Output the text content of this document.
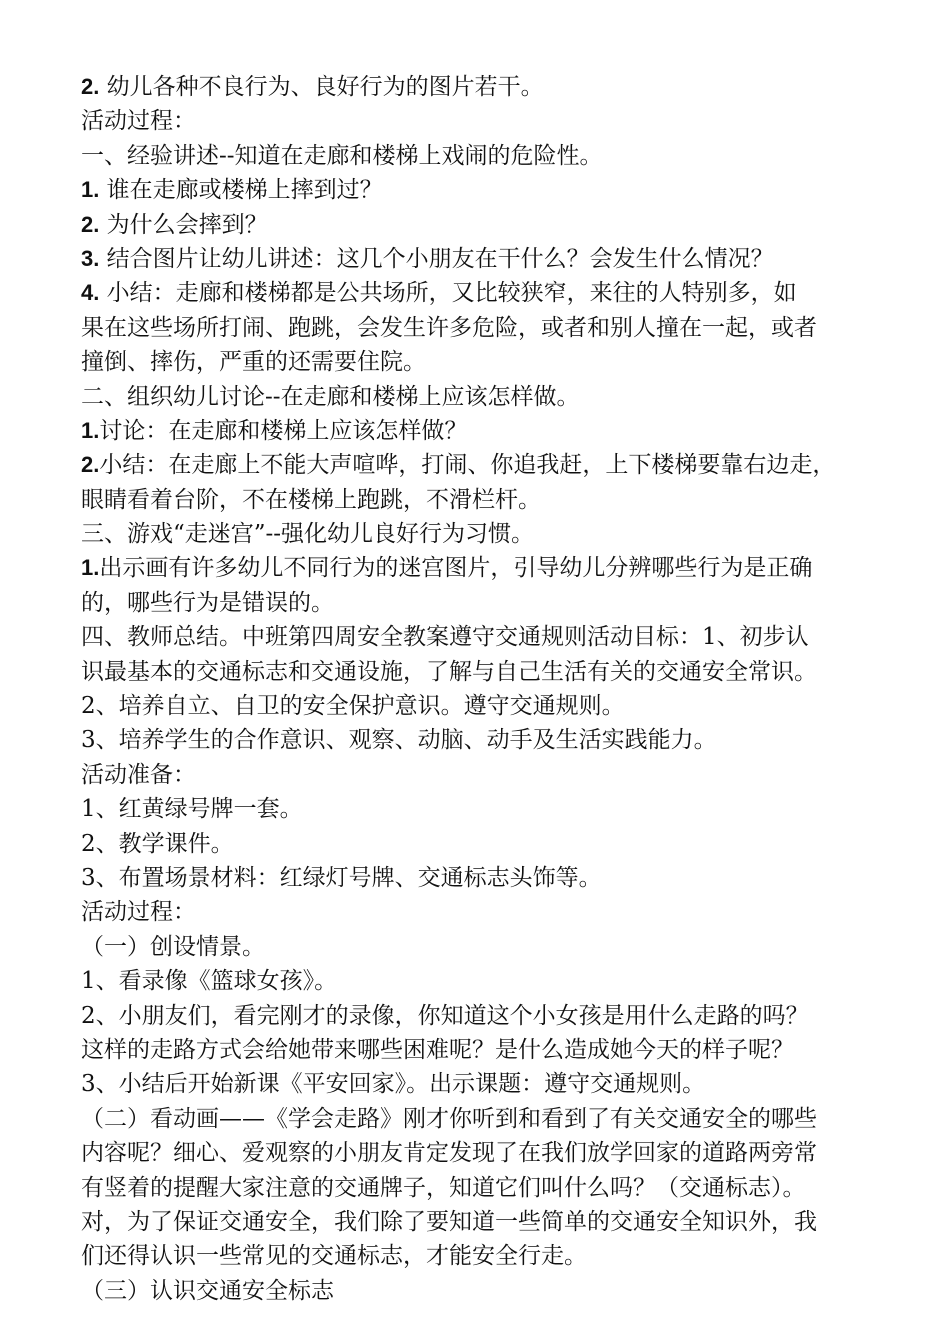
2. 幼儿各种不良行为、良好行为的图片若干。
活动过程：
一、经验讲述--知道在走廊和楼梯上戏闹的危险性。
1. 谁在走廊或楼梯上摔到过？
2. 为什么会摔到？
3. 结合图片让幼儿讲述：这几个小朋友在干什么？会发生什么情况？
4. 小结：走廊和楼梯都是公共场所，又比较狭窄，来往的人特别多，如
果在这些场所打闹、跑跳，会发生许多危险，或者和别人撞在一起，或者
撞倒、摔伤，严重的还需要住院。
二、组织幼儿讨论--在走廊和楼梯上应该怎样做。
1.讨论：在走廊和楼梯上应该怎样做？
2.小结：在走廊上不能大声喧哗，打闹、你追我赶，上下楼梯要靠右边走，
眼睛看着台阶，不在楼梯上跑跳，不滑栏杆。
三、游戏“走迷宫”--强化幼儿良好行为习惯。
1.出示画有许多幼儿不同行为的迷宫图片，引导幼儿分辨哪些行为是正确
的，哪些行为是错误的。
四、教师总结。中班第四周安全教案遵守交通规则活动目标：1、初步认
识最基本的交通标志和交通设施，了解与自己生活有关的交通安全常识。
2、培养自立、自卫的安全保护意识。遵守交通规则。
3、培养学生的合作意识、观察、动脑、动手及生活实践能力。
活动准备：
1、红黄绿号牌一套。
2、教学课件。
3、布置场景材料：红绿灯号牌、交通标志头饰等。
活动过程：
（一）创设情景。
1、看录像《篮球女孩》。
2、小朋友们，看完刚才的录像，你知道这个小女孩是用什么走路的吗？
这样的走路方式会给她带来哪些困难呢？是什么造成她今天的样子呢？
3、小结后开始新课《平安回家》。出示课题：遵守交通规则。
（二）看动画——《学会走路》刚才你听到和看到了有关交通安全的哪些
内容呢？细心、爱观察的小朋友肯定发现了在我们放学回家的道路两旁常
有竖着的提醒大家注意的交通牌子，知道它们叫什么吗？（交通标志）。
对，为了保证交通安全，我们除了要知道一些简单的交通安全知识外，我
们还得认识一些常见的交通标志，才能安全行走。
（三）认识交通安全标志
